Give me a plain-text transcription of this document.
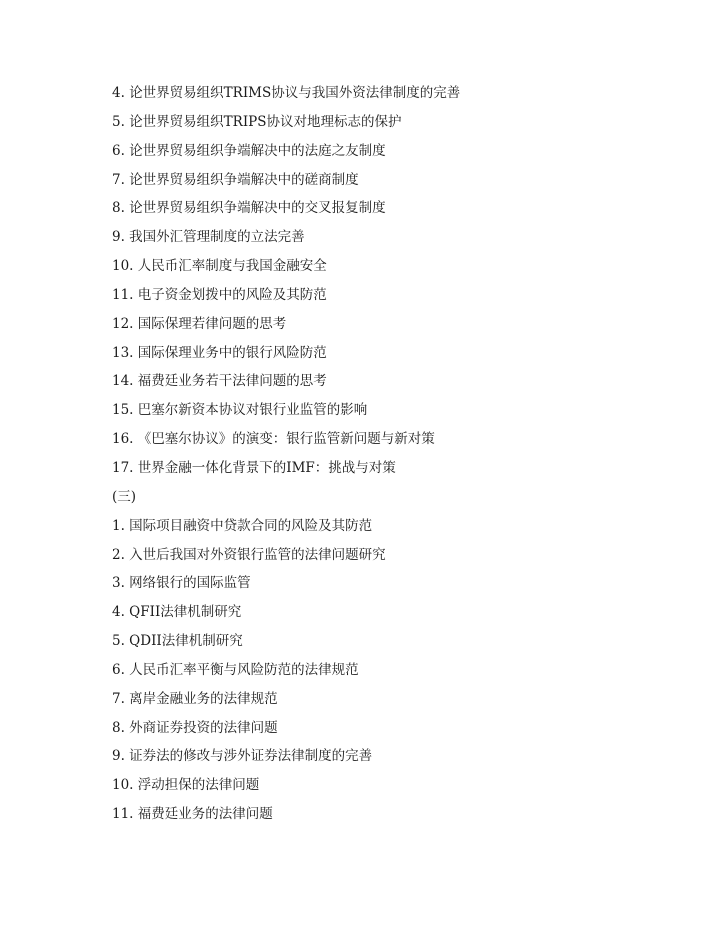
4. 论世界贸易组织TRIMS协议与我国外资法律制度的完善
5. 论世界贸易组织TRIPS协议对地理标志的保护
6. 论世界贸易组织争端解决中的法庭之友制度
7. 论世界贸易组织争端解决中的磋商制度
8. 论世界贸易组织争端解决中的交叉报复制度
9. 我国外汇管理制度的立法完善
10. 人民币汇率制度与我国金融安全
11. 电子资金划拨中的风险及其防范
12. 国际保理若律问题的思考
13. 国际保理业务中的银行风险防范
14. 福费廷业务若干法律问题的思考
15. 巴塞尔新资本协议对银行业监管的影响
16. 《巴塞尔协议》的演变：银行监管新问题与新对策
17. 世界金融一体化背景下的IMF：挑战与对策
(三)
1. 国际项目融资中贷款合同的风险及其防范
2. 入世后我国对外资银行监管的法律问题研究
3. 网络银行的国际监管
4. QFII法律机制研究
5. QDII法律机制研究
6. 人民币汇率平衡与风险防范的法律规范
7. 离岸金融业务的法律规范
8. 外商证券投资的法律问题
9. 证券法的修改与涉外证券法律制度的完善
10. 浮动担保的法律问题
11. 福费廷业务的法律问题
